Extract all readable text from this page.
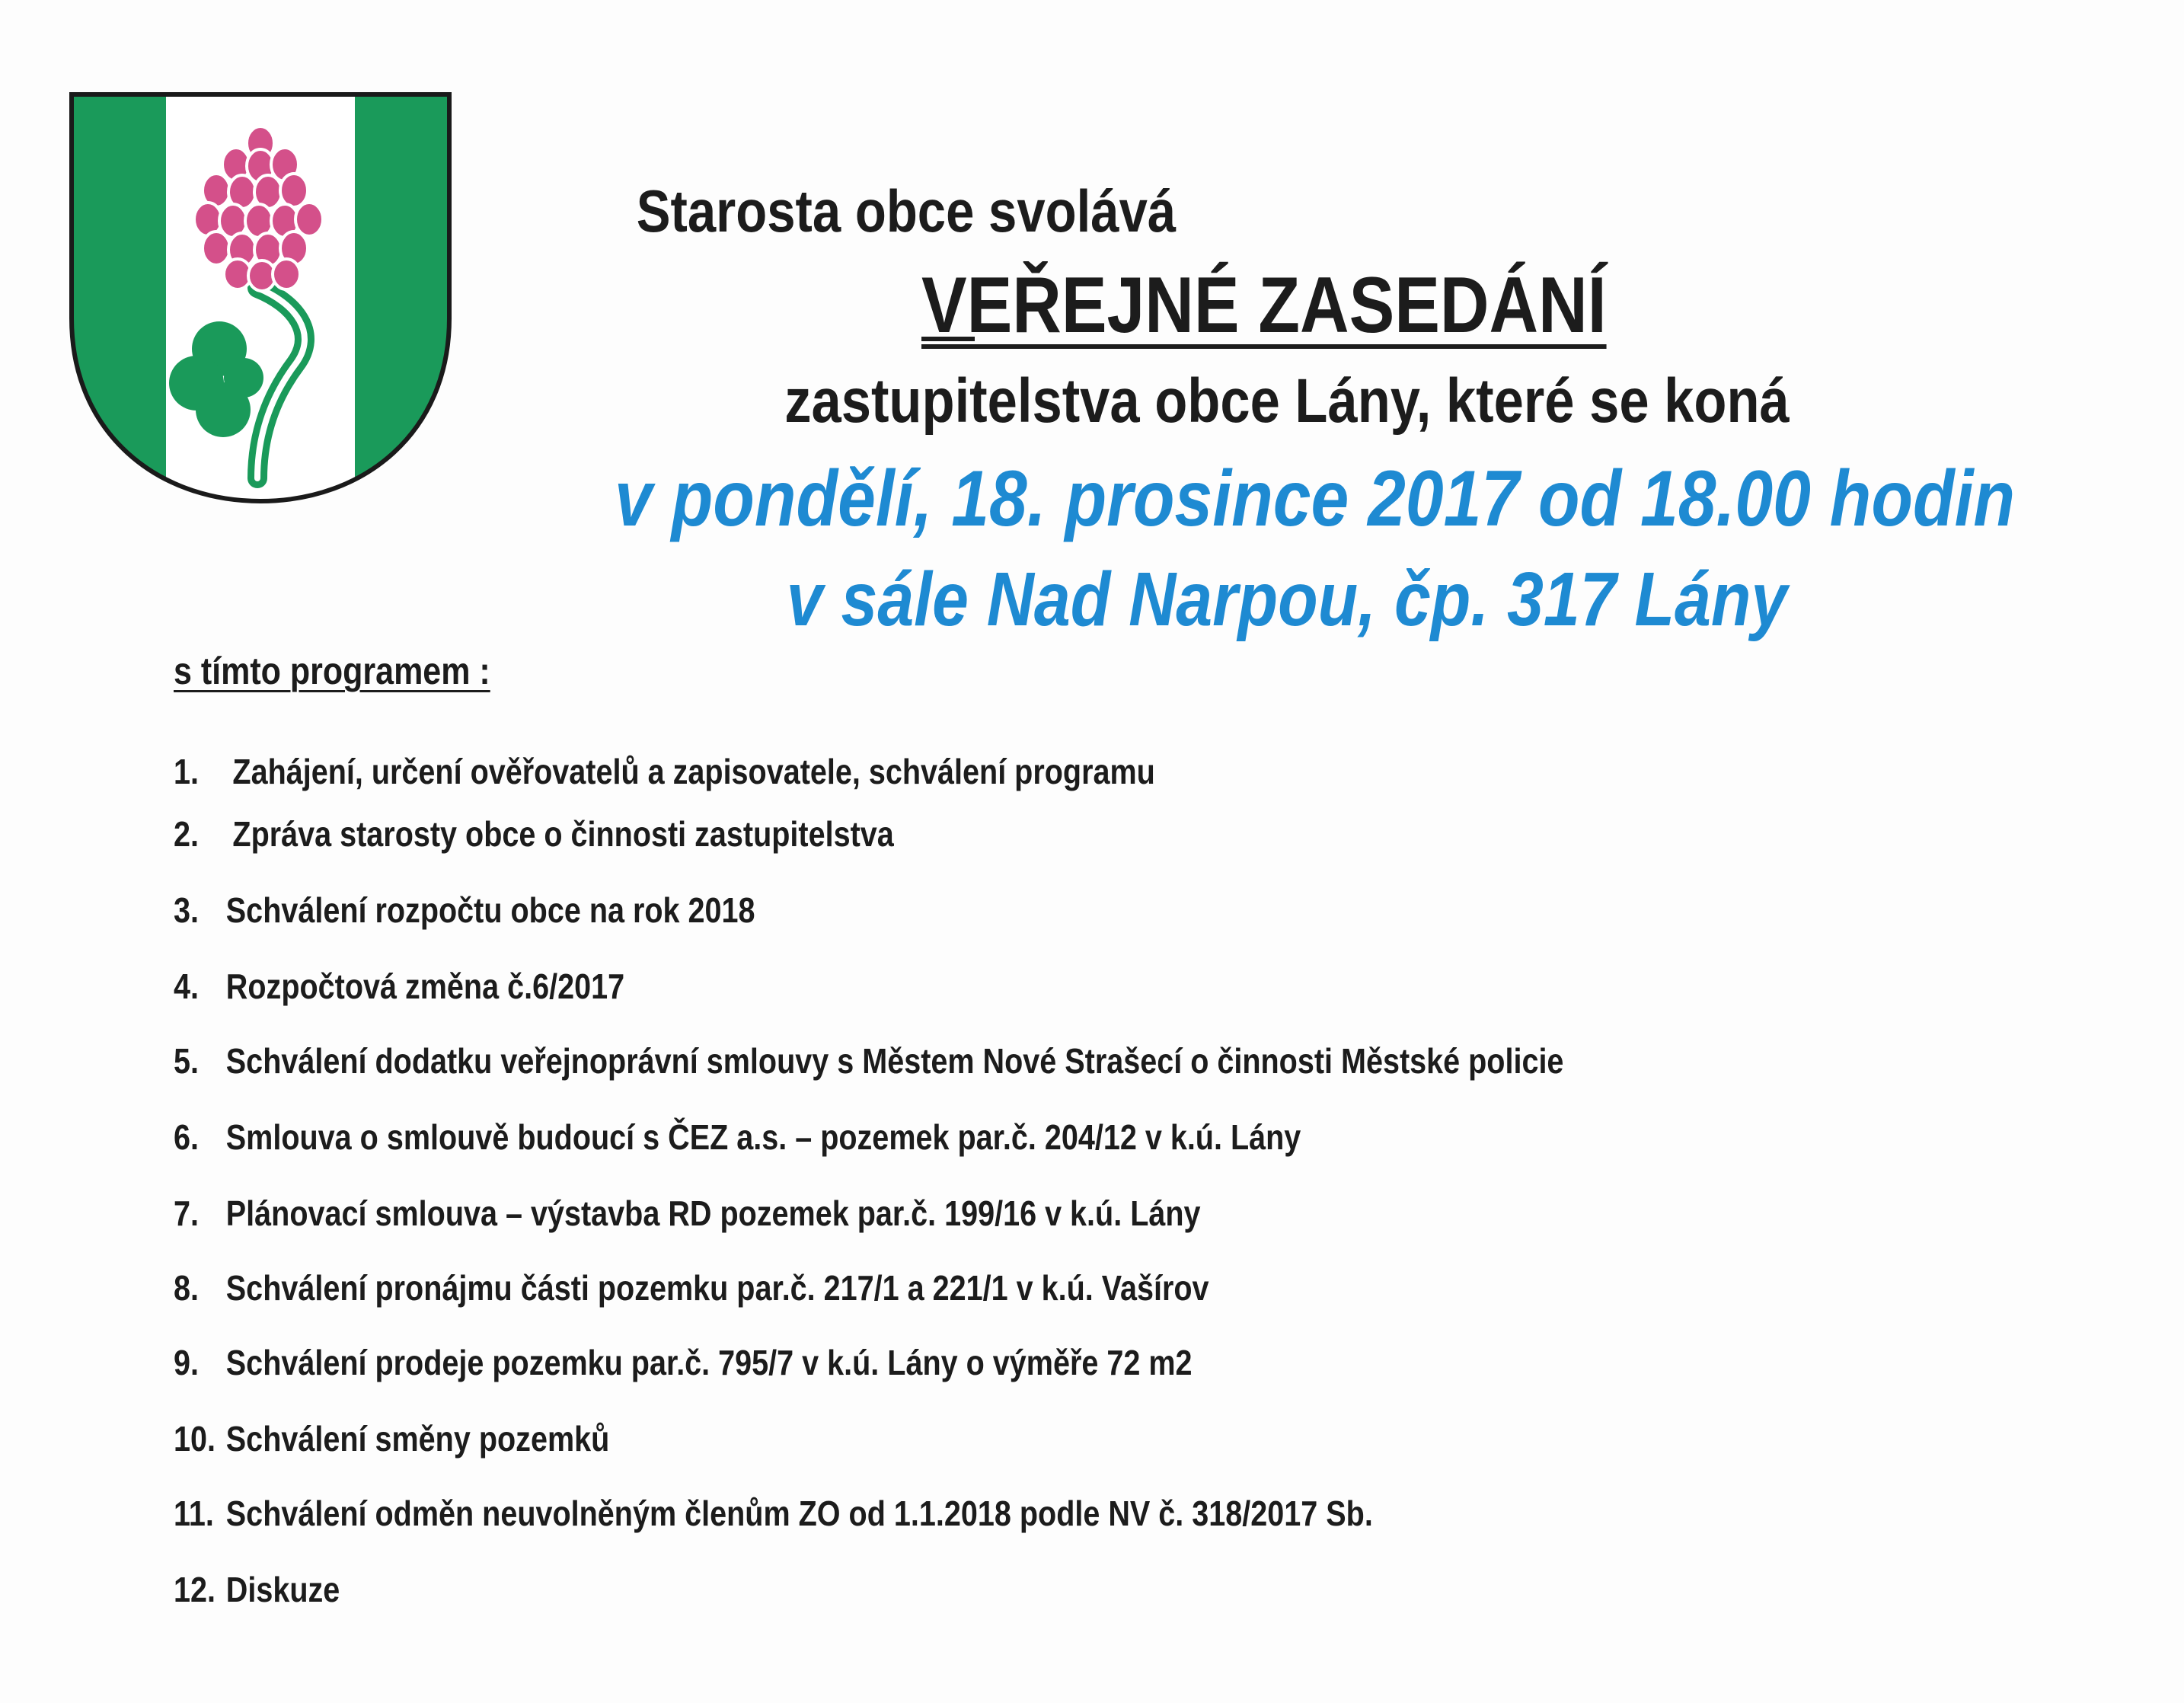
Starosta obce svolává
VEŘEJNÉ ZASEDÁNÍ
zastupitelstva obce Lány, které se koná
v pondělí, 18. prosince 2017 od 18.00 hodin
v sále Nad Narpou, čp. 317 Lány
s tímto programem :
1. Zahájení, určení ověřovatelů a zapisovatele, schválení programu
2. Zpráva starosty obce o činnosti zastupitelstva
3. Schválení rozpočtu obce na rok 2018
4. Rozpočtová změna č.6/2017
5. Schválení dodatku veřejnoprávní smlouvy s Městem Nové Strašecí o činnosti Městské policie
6. Smlouva o smlouvě budoucí s ČEZ a.s. – pozemek par.č. 204/12 v k.ú. Lány
7. Plánovací smlouva – výstavba RD pozemek par.č. 199/16 v k.ú. Lány
8. Schválení pronájmu části pozemku par.č. 217/1 a 221/1 v k.ú. Vašírov
9. Schválení prodeje pozemku par.č. 795/7 v k.ú. Lány o výměře 72 m2
10. Schválení směny pozemků
11. Schválení odměn neuvolněným členům ZO od 1.1.2018 podle NV č. 318/2017 Sb.
12. Diskuze
